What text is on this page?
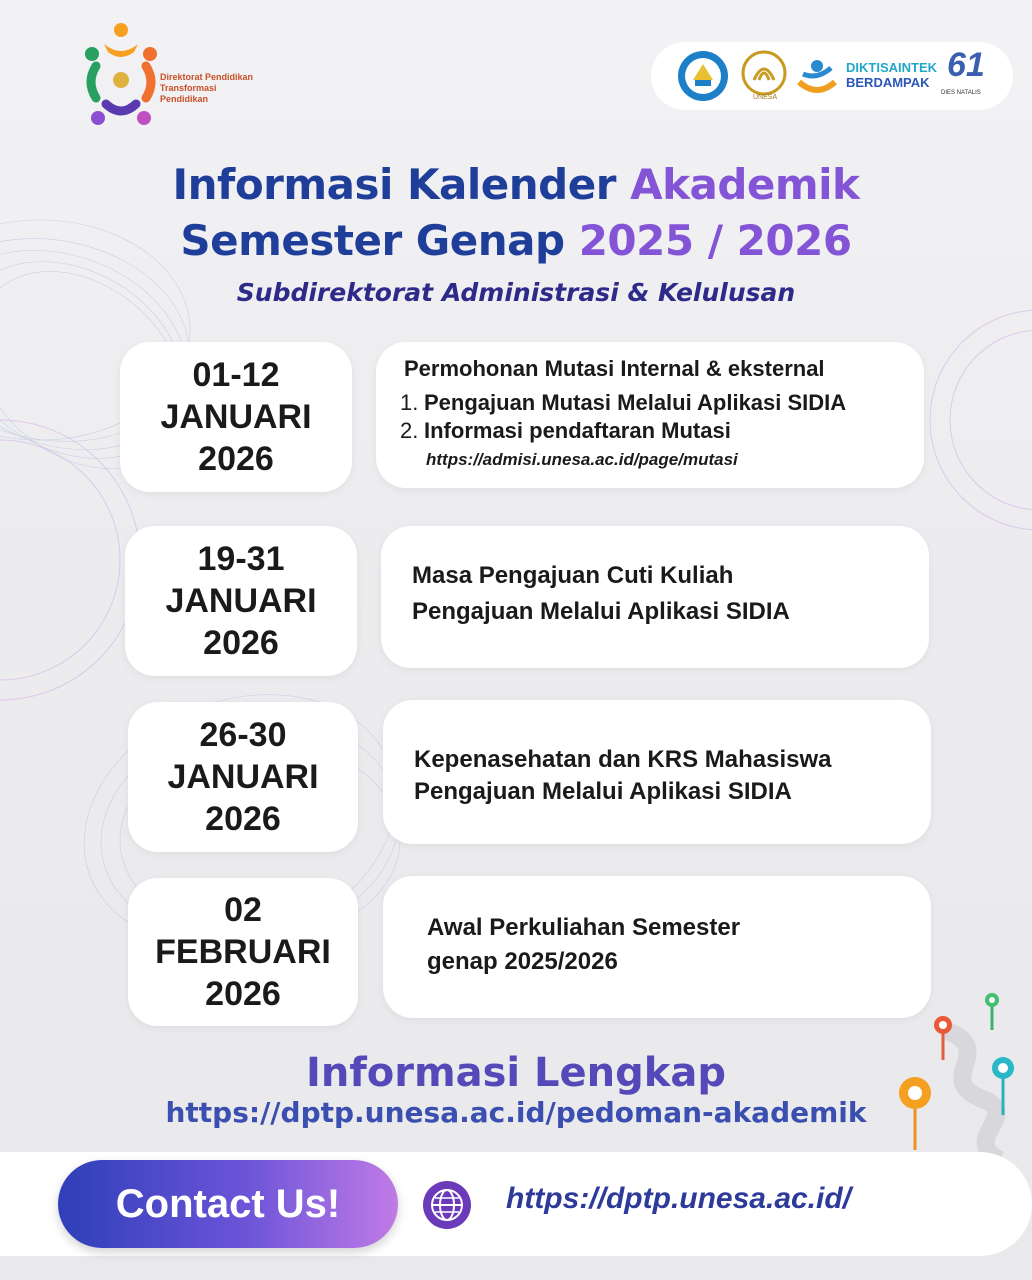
Direktorat Pendidikan
Transformasi Pendidikan	UNESA
DIKTISAINTEK
BERDAMPAK 61
DIES NATALIS
Informasi Kalender Akademik
Semester Genap 2025 / 2026
Subdirektorat Administrasi & Kelulusan
01-12
JANUARI
2026
Permohonan Mutasi Internal & eksternal
1. Pengajuan Mutasi Melalui Aplikasi SIDIA
2. Informasi pendaftaran Mutasi
https://admisi.unesa.ac.id/page/mutasi
19-31
JANUARI
2026
Masa Pengajuan Cuti Kuliah
Pengajuan Melalui Aplikasi SIDIA
26-30
JANUARI
2026
Kepenasehatan dan KRS Mahasiswa
Pengajuan Melalui Aplikasi SIDIA
02
FEBRUARI
2026
Awal Perkuliahan Semester
genap 2025/2026
Informasi Lengkap
https://dptp.unesa.ac.id/pedoman-akademik
Contact Us!	https://dptp.unesa.ac.id/
